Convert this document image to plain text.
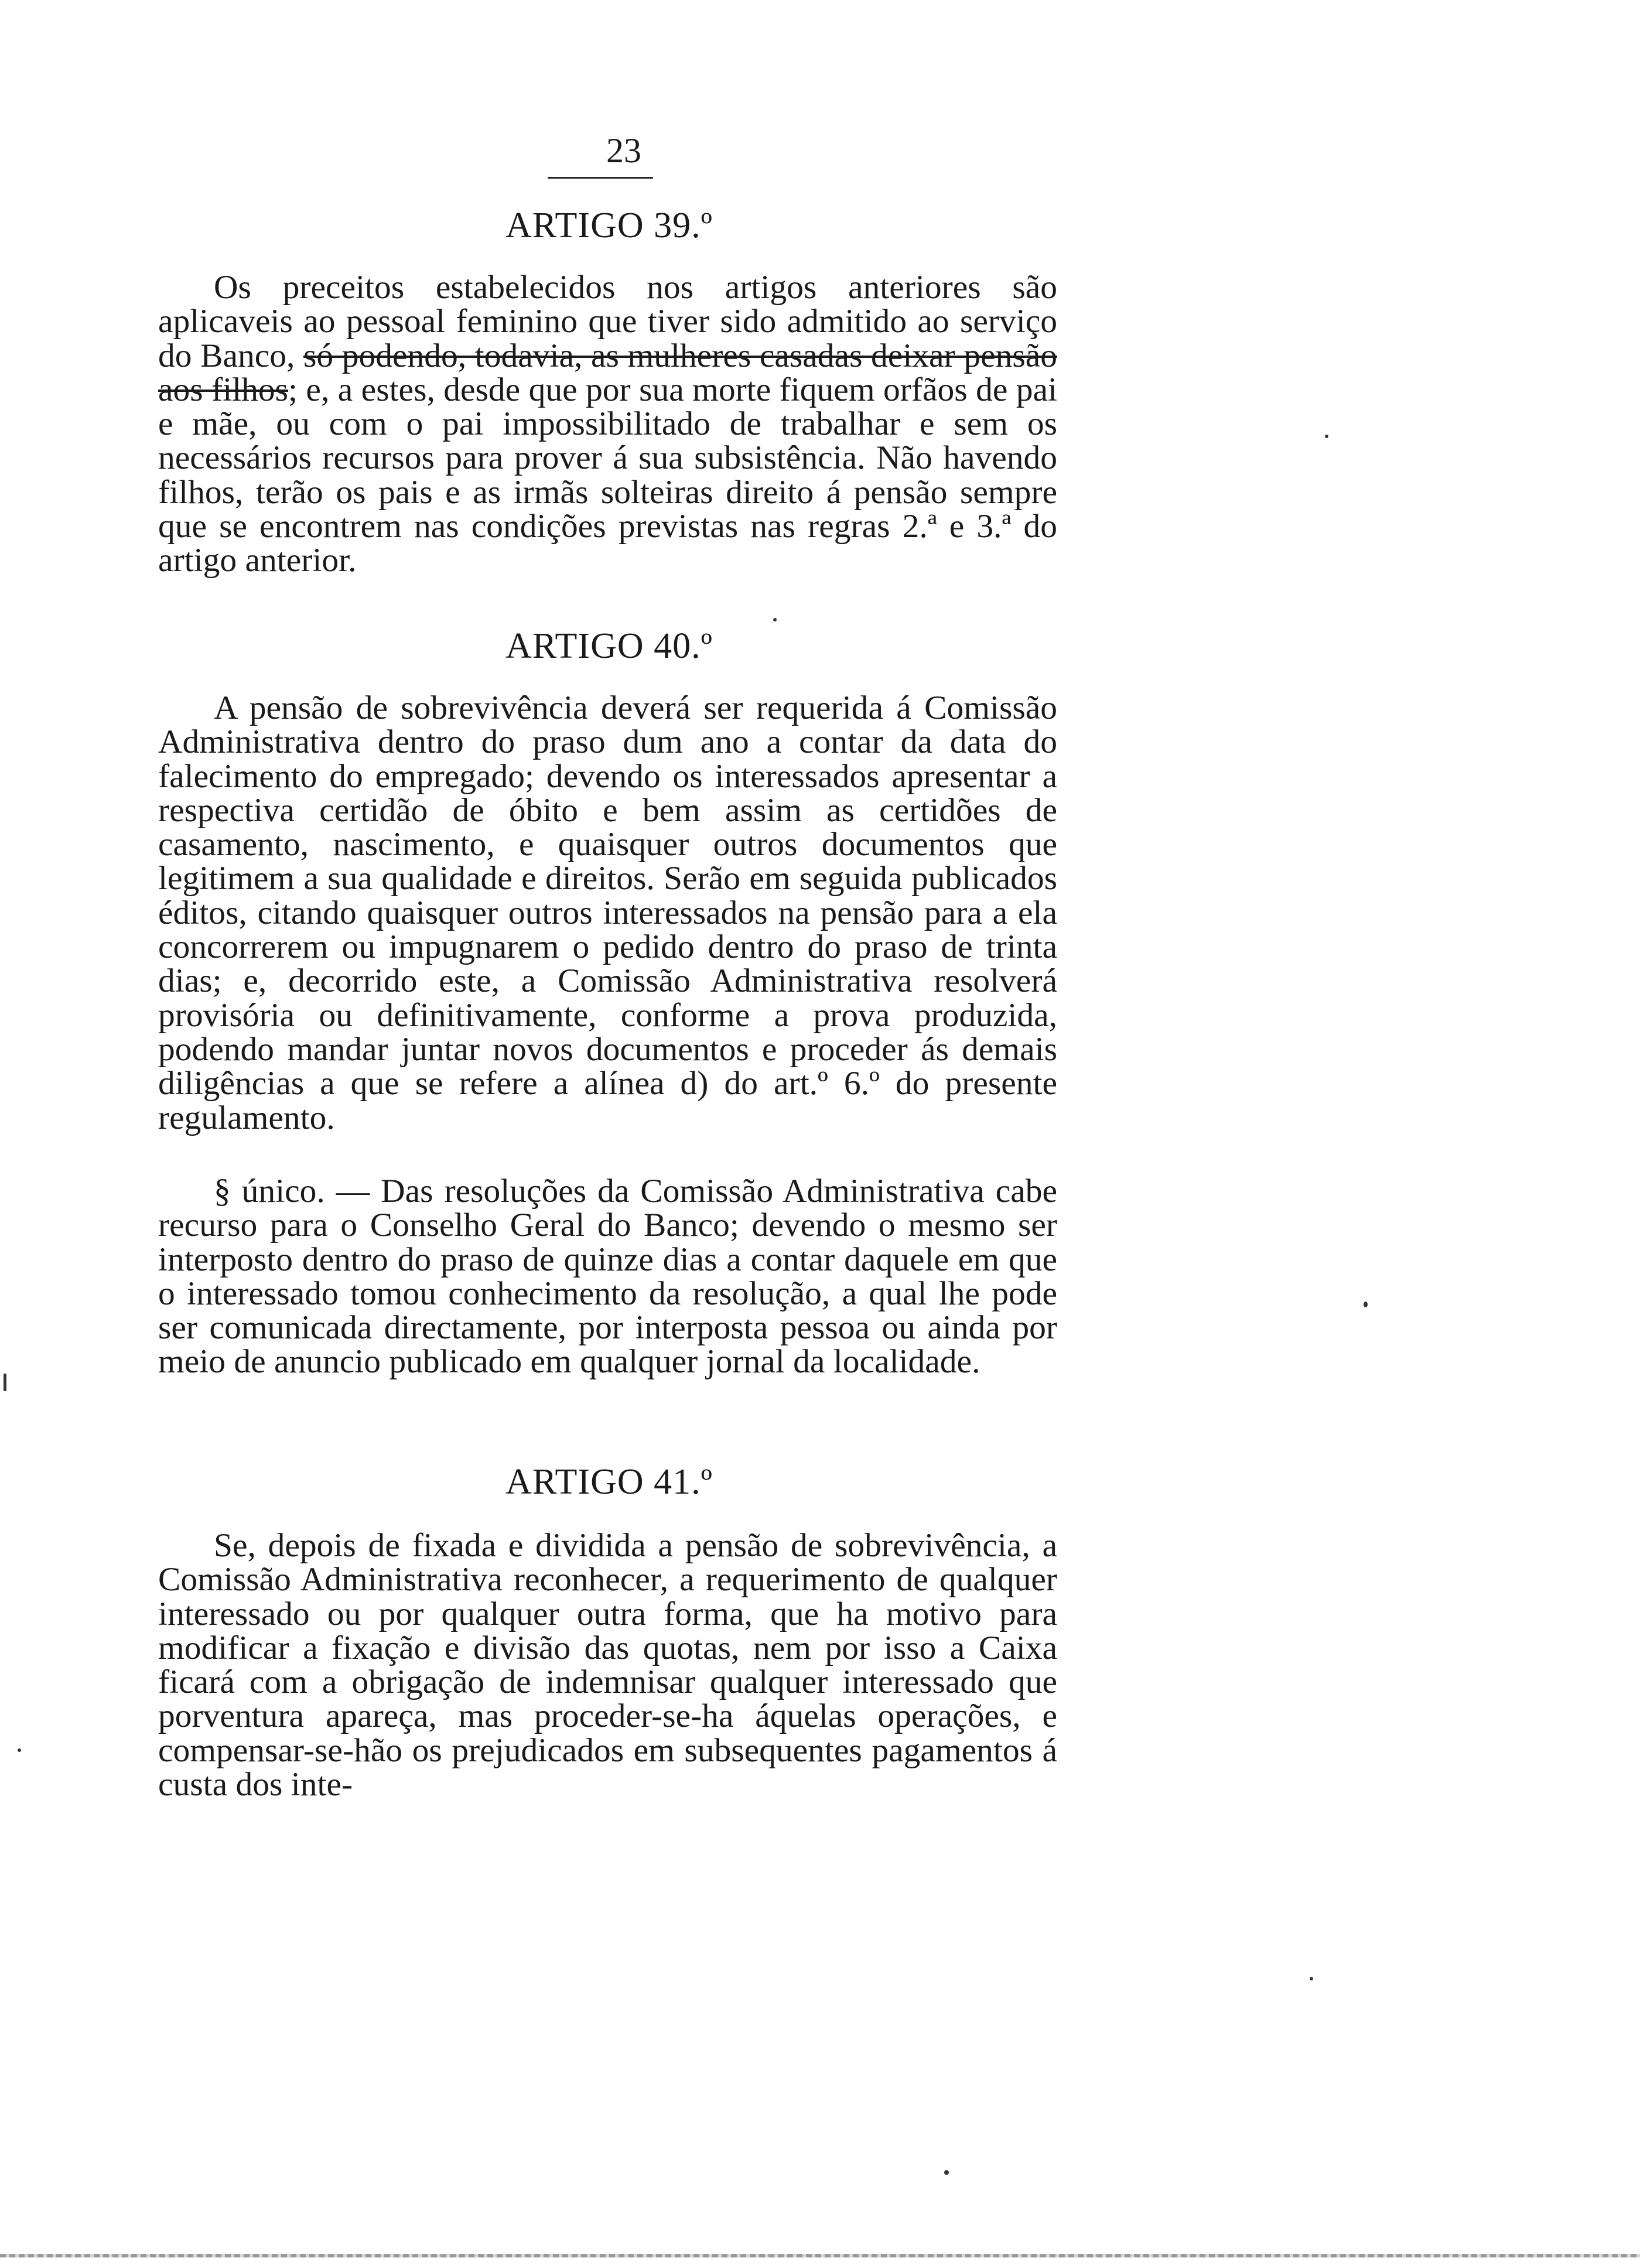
23
ARTIGO 39.º

Os preceitos estabelecidos nos artigos anteriores são aplicaveis ao pessoal feminino que tiver sido admitido ao serviço do Banco, só podendo, todavia, as mulheres casadas deixar pensão aos filhos; e, a estes, desde que por sua morte fiquem orfãos de pai e mãe, ou com o pai impossibilitado de trabalhar e sem os necessários recursos para prover á sua subsistência. Não havendo filhos, terão os pais e as irmãs solteiras direito á pensão sempre que se encontrem nas condições previstas nas regras 2.ª e 3.ª do artigo anterior.

ARTIGO 40.º

A pensão de sobrevivência deverá ser requerida á Comissão Administrativa dentro do praso dum ano a contar da data do falecimento do empregado; devendo os interessados apresentar a respectiva certidão de óbito e bem assim as certidões de casamento, nascimento, e quaisquer outros documentos que legitimem a sua qualidade e direitos. Serão em seguida publicados éditos, citando quaisquer outros interessados na pensão para a ela concorrerem ou impugnarem o pedido dentro do praso de trinta dias; e, decorrido este, a Comissão Administrativa resolverá provisória ou definitivamente, conforme a prova produzida, podendo mandar juntar novos documentos e proceder ás demais diligências a que se refere a alínea d) do art.º 6.º do presente regulamento.

§ único. — Das resoluções da Comissão Administrativa cabe recurso para o Conselho Geral do Banco; devendo o mesmo ser interposto dentro do praso de quinze dias a contar daquele em que o interessado tomou conhecimento da resolução, a qual lhe pode ser comunicada directamente, por interposta pessoa ou ainda por meio de anuncio publicado em qualquer jornal da localidade.

ARTIGO 41.º

Se, depois de fixada e dividida a pensão de sobrevivência, a Comissão Administrativa reconhecer, a requerimento de qualquer interessado ou por qualquer outra forma, que ha motivo para modificar a fixação e divisão das quotas, nem por isso a Caixa ficará com a obrigação de indemnisar qualquer interessado que porventura apareça, mas proceder-se-ha áquelas operações, e compensar-se-hão os prejudicados em subsequentes pagamentos á custa dos inte-
